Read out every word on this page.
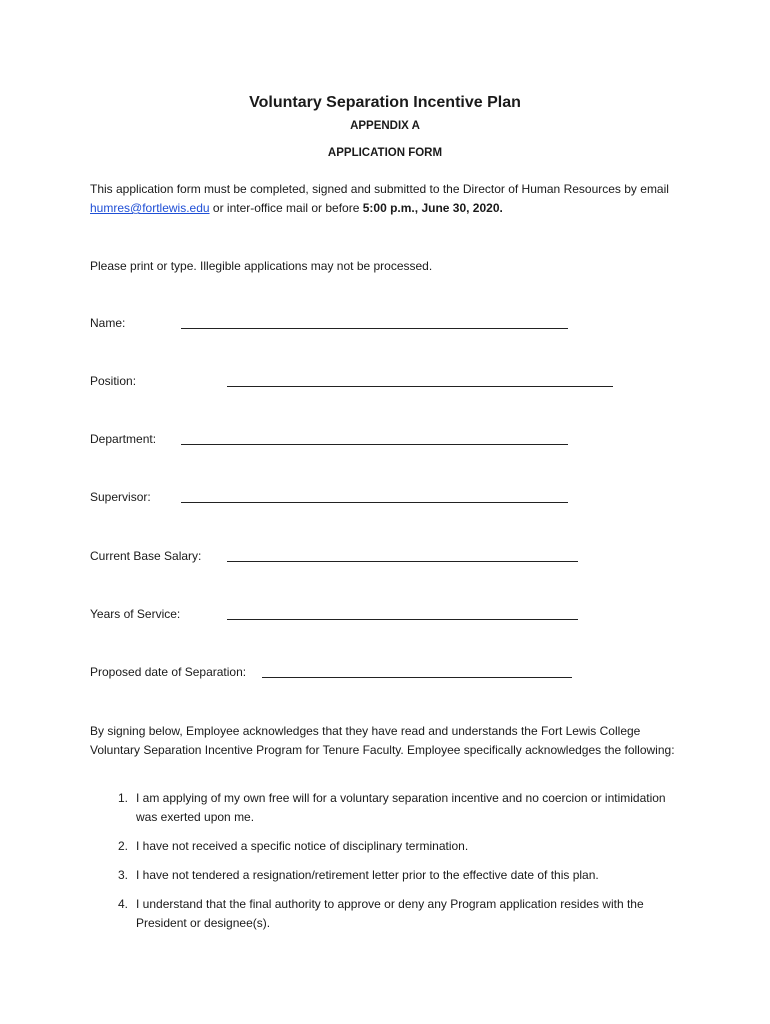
Voluntary Separation Incentive Plan
APPENDIX A
APPLICATION FORM
This application form must be completed, signed and submitted to the Director of Human Resources by email humres@fortlewis.edu or inter-office mail or before 5:00 p.m., June 30, 2020.
Please print or type. Illegible applications may not be processed.
Name:
Position:
Department:
Supervisor:
Current Base Salary:
Years of Service:
Proposed date of Separation:
By signing below, Employee acknowledges that they have read and understands the Fort Lewis College Voluntary Separation Incentive Program for Tenure Faculty. Employee specifically acknowledges the following:
1. I am applying of my own free will for a voluntary separation incentive and no coercion or intimidation was exerted upon me.
2. I have not received a specific notice of disciplinary termination.
3. I have not tendered a resignation/retirement letter prior to the effective date of this plan.
4. I understand that the final authority to approve or deny any Program application resides with the President or designee(s).
